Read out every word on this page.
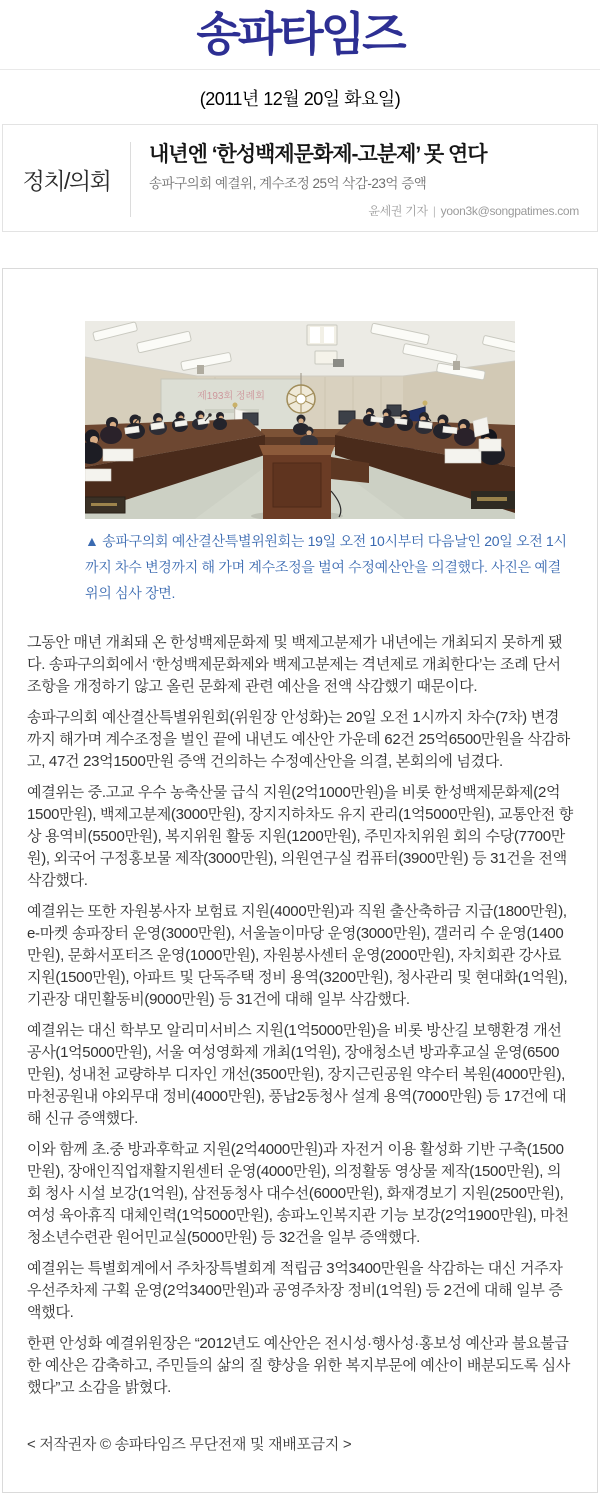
송파타임즈
(2011년 12월 20일 화요일)
정치/의회
내년엔 ‘한성백제문화제-고분제’ 못 연다
송파구의회 예결위, 계수조정 25억 삭감-23억 증액
윤세권 기자 | yoon3k@songpatimes.com
제193회 정례회
▲ 송파구의회 예산결산특별위원회는 19일 오전 10시부터 다음날인 20일 오전 1시까지 차수 변경까지 해 가며 계수조정을 벌여 수정예산안을 의결했다. 사진은 예결위의 심사 장면.

그동안 매년 개최돼 온 한성백제문화제 및 백제고분제가 내년에는 개최되지 못하게 됐다. 송파구의회에서 ‘한성백제문화제와 백제고분제는 격년제로 개최한다’는 조례 단서조항을 개정하기 않고 올린 문화제 관련 예산을 전액 삭감했기 때문이다.

송파구의회 예산결산특별위원회(위원장 안성화)는 20일 오전 1시까지 차수(7차) 변경까지 해가며 계수조정을 벌인 끝에 내년도 예산안 가운데 62건 25억6500만원을 삭감하고, 47건 23억1500만원 증액 건의하는 수정예산안을 의결, 본회의에 넘겼다.

예결위는 중.고교 우수 농축산물 급식 지원(2억1000만원)을 비롯 한성백제문화제(2억1500만원), 백제고분제(3000만원), 장지지하차도 유지 관리(1억5000만원), 교통안전 향상 용역비(5500만원), 복지위원 활동 지원(1200만원), 주민자치위원 회의 수당(7700만원), 외국어 구정홍보물 제작(3000만원), 의원연구실 컴퓨터(3900만원) 등 31건을 전액 삭감했다.

예결위는 또한 자원봉사자 보험료 지원(4000만원)과 직원 출산축하금 지급(1800만원), e-마켓 송파장터 운영(3000만원), 서울놀이마당 운영(3000만원), 갤러리 수 운영(1400만원), 문화서포터즈 운영(1000만원), 자원봉사센터 운영(2000만원), 자치회관 강사료 지원(1500만원), 아파트 및 단독주택 정비 용역(3200만원), 청사관리 및 현대화(1억원), 기관장 대민활동비(9000만원) 등 31건에 대해 일부 삭감했다.

예결위는 대신 학부모 알리미서비스 지원(1억5000만원)을 비롯 방산길 보행환경 개선공사(1억5000만원), 서울 여성영화제 개최(1억원), 장애청소년 방과후교실 운영(6500만원), 성내천 교량하부 디자인 개선(3500만원), 장지근린공원 약수터 복원(4000만원), 마천공원내 야외무대 정비(4000만원), 풍납2동청사 설계 용역(7000만원) 등 17건에 대해 신규 증액했다.

이와 함께 초.중 방과후학교 지원(2억4000만원)과 자전거 이용 활성화 기반 구축(1500만원), 장애인직업재활지원센터 운영(4000만원), 의정활동 영상물 제작(1500만원), 의회 청사 시설 보강(1억원), 삼전동청사 대수선(6000만원), 화재경보기 지원(2500만원), 여성 육아휴직 대체인력(1억5000만원), 송파노인복지관 기능 보강(2억1900만원), 마천청소년수련관 원어민교실(5000만원) 등 32건을 일부 증액했다.

예결위는 특별회계에서 주차장특별회계 적립금 3억3400만원을 삭감하는 대신 거주자우선주차제 구획 운영(2억3400만원)과 공영주차장 정비(1억원) 등 2건에 대해 일부 증액했다.

한편 안성화 예결위원장은 “2012년도 예산안은 전시성·행사성·홍보성 예산과 불요불급한 예산은 감축하고, 주민들의 삶의 질 향상을 위한 복지부문에 예산이 배분되도록 심사했다”고 소감을 밝혔다.

< 저작권자 © 송파타임즈 무단전재 및 재배포금지 >
